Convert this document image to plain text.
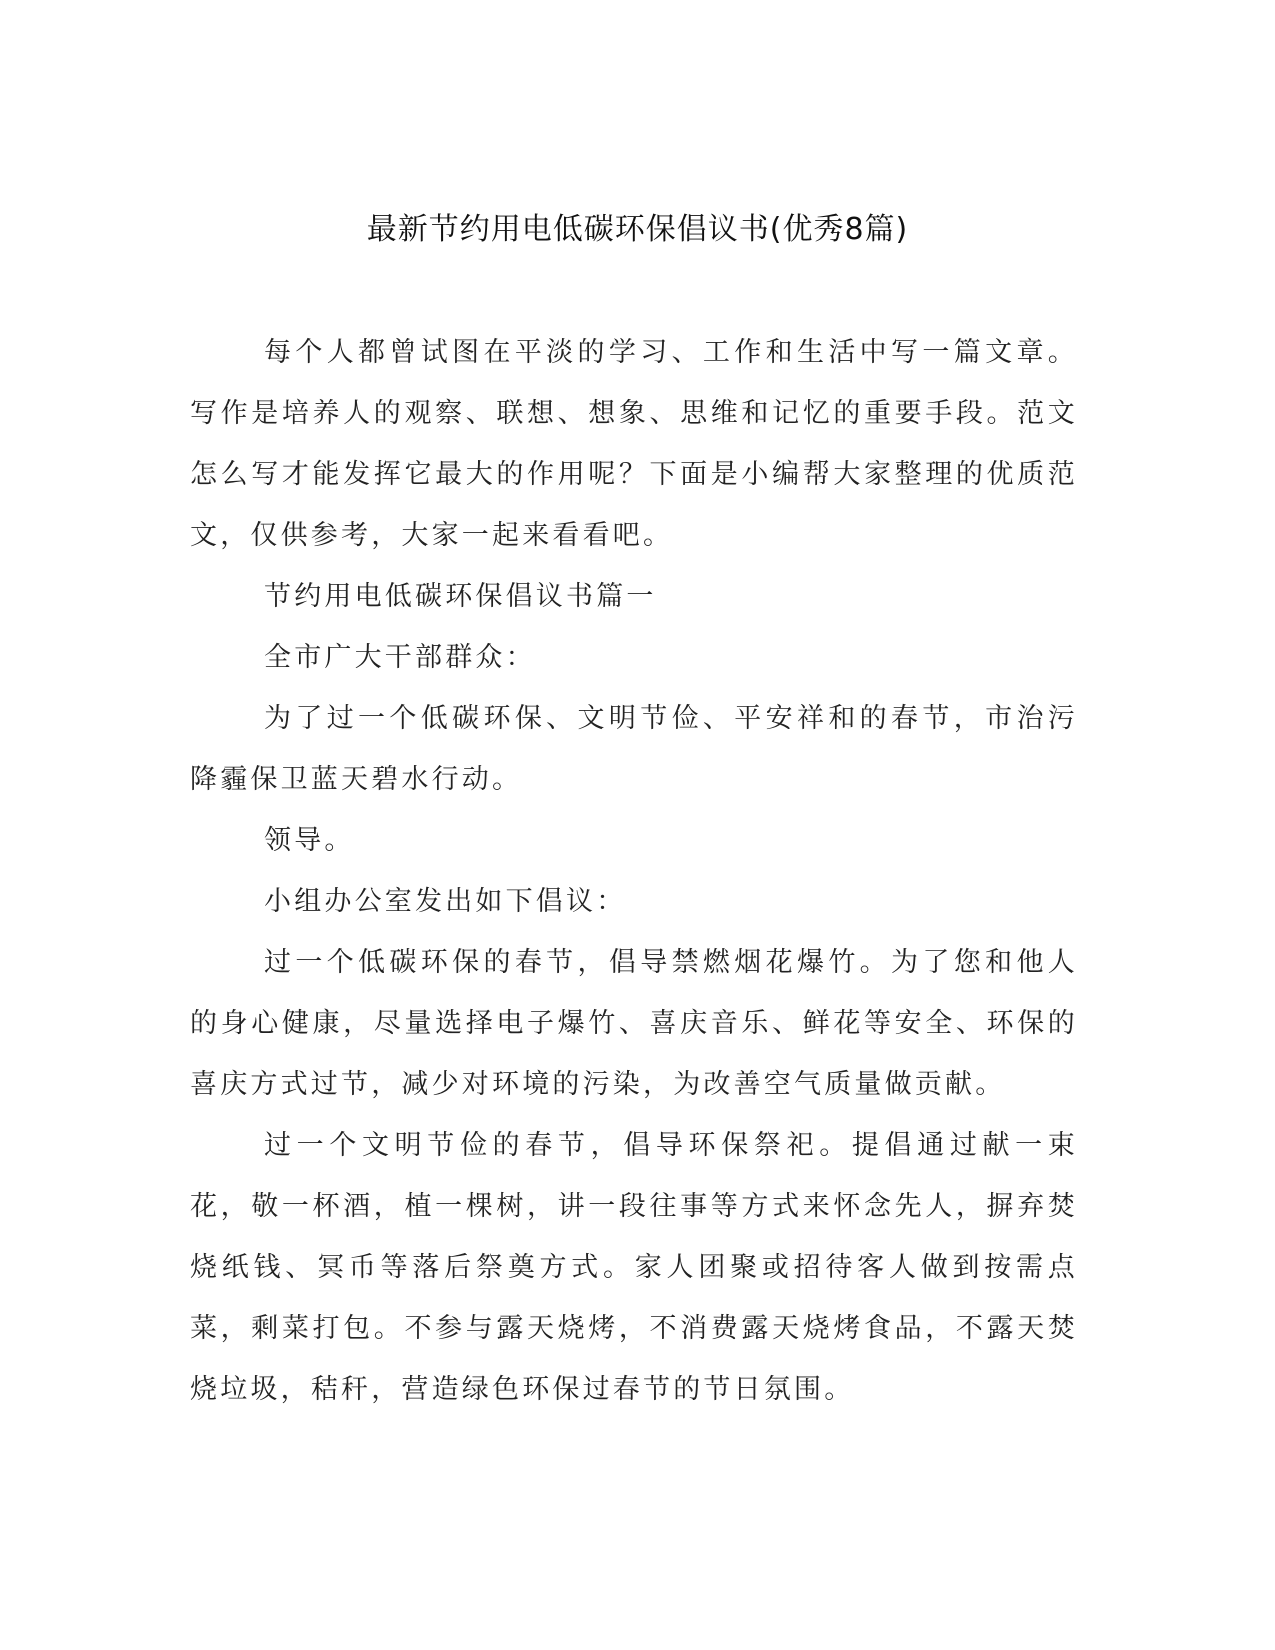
最新节约用电低碳环保倡议书(优秀8篇)

每个人都曾试图在平淡的学习、工作和生活中写一篇文章。写作是培养人的观察、联想、想象、思维和记忆的重要手段。范文怎么写才能发挥它最大的作用呢？下面是小编帮大家整理的优质范文，仅供参考，大家一起来看看吧。

节约用电低碳环保倡议书篇一

全市广大干部群众：

为了过一个低碳环保、文明节俭、平安祥和的春节，市治污降霾保卫蓝天碧水行动。

领导。

小组办公室发出如下倡议：

过一个低碳环保的春节，倡导禁燃烟花爆竹。为了您和他人的身心健康，尽量选择电子爆竹、喜庆音乐、鲜花等安全、环保的喜庆方式过节，减少对环境的污染，为改善空气质量做贡献。

过一个文明节俭的春节，倡导环保祭祀。提倡通过献一束花，敬一杯酒，植一棵树，讲一段往事等方式来怀念先人，摒弃焚烧纸钱、冥币等落后祭奠方式。家人团聚或招待客人做到按需点菜，剩菜打包。不参与露天烧烤，不消费露天烧烤食品，不露天焚烧垃圾，秸秆，营造绿色环保过春节的节日氛围。
